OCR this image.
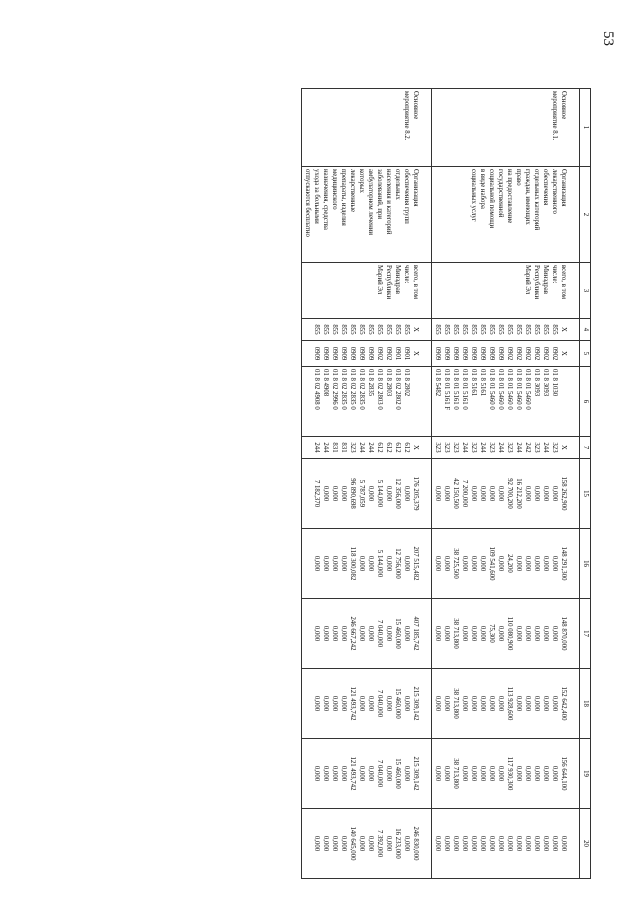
53
1	2	3	4	5	6	7	15	16	17	18	19	20
Основное	Организация	всего, в том	X	X		X	158 262,900	148 291,300	148 870,000	152 642,400	156 644,100	0,000
мероприятие 8.1.	лекарственного	числе:	855	0902	01 8 1030	323	0,000	0,000	0,000	0,000	0,000	0,000
	обеспечения	Минздрав	855	0902	01 8 3093	244	0,000	0,000	0,000	0,000	0,000	0,000
	отдельных категорий	Республики	855	0902	01 8 3093	323	0,000	0,000	0,000	0,000	0,000	0,000
	граждан, имеющих	Марий Эл	855	0902	01 8 01 5460 0	242	0,000	0,000	0,000	0,000	0,000	0,000
	право		855	0902	01 8 01 5460 0	244	16 212,200	0,000	0,000	0,000	0,000	0,000
	на предоставление		855	0902	01 8 01 5460 0	323	92 700,200	24,200	110 080,900	113 928,600	117 930,300	0,000
	государственной		855	0909	01 8 01 5460 0	244	0,000	0,000	0,000	0,000	0,000	0,000
	социальной помощи		855	0909	01 8 01 5460 0	323	0,000	109 541,600	75,300	0,000	0,000	0,000
	в виде набора		855	0909	01 8 5161	244	0,000	0,000	0,000	0,000	0,000	0,000
	социальных услуг		855	0909	01 8 5161	323	0,000	0,000	0,000	0,000	0,000	0,000
			855	0909	01 8 01 5161 0	244	7 200,000	0,000	0,000	0,000	0,000	0,000
			855	0909	01 8 01 5161 0	323	42 150,500	38 725,500	38 713,800	38 713,800	38 713,800	0,000
			855	0909	01 8 01 5161 F	323	0,000	0,000	0,000	0,000	0,000	0,000
			855	0909	01 8 5482	323	0,000	0,000	0,000	0,000	0,000	0,000
Основное	Организация	всего, в том	X	X		X	176 205,379	207 515,482	407 185,742	215 309,142	215 309,142	246 830,000
мероприятие 8.2.	обеспечения групп	числе:	855	0901	01 8 2802	612	0,000	0,000	0,000	0,000	0,000	0,000
	отдельных	Минздрав	855	0901	01 8 02 2802 0	612	12 356,000	12 756,000	15 460,000	15 460,000	15 460,000	16 233,000
	населения и категорий	Республики	855	0902	01 8 2803	612	0,000	0,000	0,000	0,000	0,000	0,000
	заболеваний, при	Марий Эл	855	0902	01 8 02 2803 0	612	5 144,000	5 144,000	7 040,000	7 040,000	7 040,000	7 392,000
	амбулаторном лечении		855	0909	01 8 2835	244	0,000	0,000	0,000	0,000	0,000	0,000
	которых		855	0909	01 8 02 2835 0	244	5 787,059	0,000	0,000	0,000	0,000	0,000
	лекарственные		855	0909	01 8 02 2835 0	323	96 890,698	118 300,082	246 667,242	121 493,742	121 493,742	140 645,000
	препараты, изделия		855	0909	01 8 02 2835 0	831	0,000	0,000	0,000	0,000	0,000	0,000
	медицинского		855	0909	01 8 02 2996 0	831	0,000	0,000	0,000	0,000	0,000	0,000
	назначения, средства		855	0909	01 8 4908	244	0,000	0,000	0,000	0,000	0,000	0,000
	ухода за больными		855	0909	01 8 02 4908 0	244	7 182,370	0,000	0,000	0,000	0,000	0,000
	отпускаются бесплатно											
